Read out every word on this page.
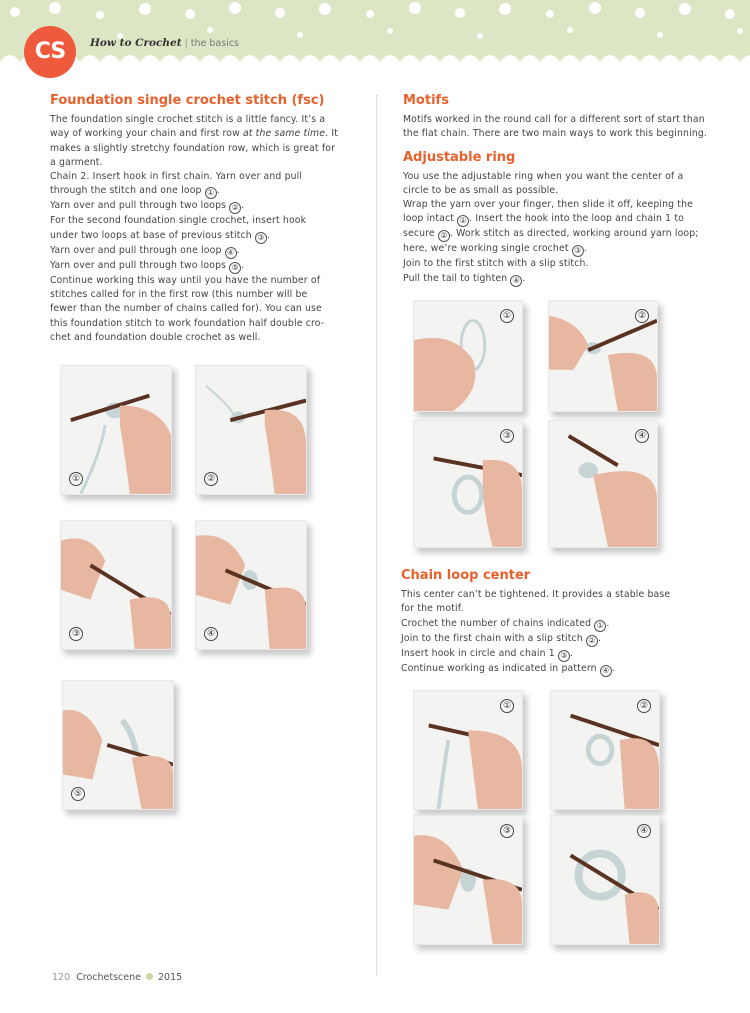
CS	How to Crochet | the basics
Foundation single crochet stitch (fsc)
The foundation single crochet stitch is a little fancy. It’s a
way of working your chain and first row at the same time. It
makes a slightly stretchy foundation row, which is great for
a garment.
Chain 2. Insert hook in first chain. Yarn over and pull
through the stitch and one loop ① .
Yarn over and pull through two loops ② .
For the second foundation single crochet, insert hook
under two loops at base of previous stitch ③ .
Yarn over and pull through one loop ④ .
Yarn over and pull through two loops ⑤ .
Continue working this way until you have the number of
stitches called for in the first row (this number will be
fewer than the number of chains called for). You can use
this foundation stitch to work foundation half double cro-
chet and foundation double crochet as well.
Motifs
Motifs worked in the round call for a different sort of start than
the flat chain. There are two main ways to work this beginning.
Adjustable ring
You use the adjustable ring when you want the center of a
circle to be as small as possible.
Wrap the yarn over your finger, then slide it off, keeping the
loop intact ① . Insert the hook into the loop and chain 1 to
secure ② . Work stitch as directed, working around yarn loop;
here, we’re working single crochet ③ .
Join to the first stitch with a slip stitch.
Pull the tail to tighten ④ .
Chain loop center
This center can’t be tightened. It provides a stable base
for the motif.
Crochet the number of chains indicated ① .
Join to the first chain with a slip stitch ② .
Insert hook in circle and chain 1 ③ .
Continue working as indicated in pattern ④ .
①	②
③	④
⑤
①	②
③	④
①	②
③	④
120 Crochetscene 2015
